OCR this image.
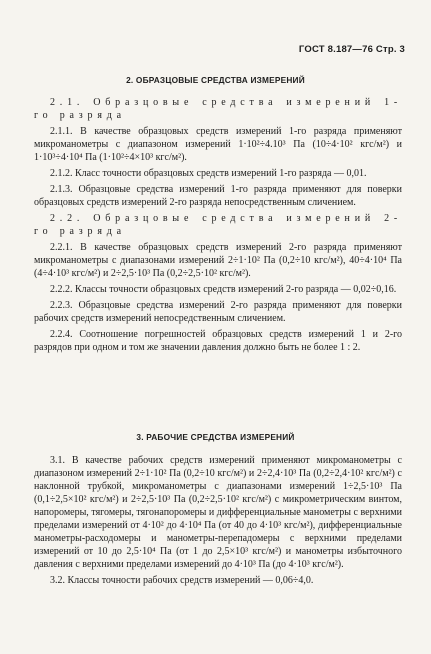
ГОСТ 8.187—76 Стр. 3
2. ОБРАЗЦОВЫЕ СРЕДСТВА ИЗМЕРЕНИЙ

2.1. Образцовые средства измерений 1-го разряда

2.1.1. В качестве образцовых средств измерений 1-го разряда применяют микроманометры с диапазоном измерений 1·10²÷4.10³ Па (10÷4·10² кгс/м²) и 1·10³÷4·10⁴ Па (1·10²÷4×10³ кгс/м²).

2.1.2. Класс точности образцовых средств измерений 1-го разряда — 0,01.

2.1.3. Образцовые средства измерений 1-го разряда применяют для поверки образцовых средств измерений 2-го разряда непосредственным сличением.

2.2. Образцовые средства измерений 2-го разряда

2.2.1. В качестве образцовых средств измерений 2-го разряда применяют микроманометры с диапазонами измерений 2÷1·10² Па (0,2÷10 кгс/м²), 40÷4·10⁴ Па (4÷4·10³ кгс/м²) и 2÷2,5·10³ Па (0,2÷2,5·10² кгс/м²).

2.2.2. Классы точности образцовых средств измерений 2-го разряда — 0,02÷0,16.

2.2.3. Образцовые средства измерений 2-го разряда применяют для поверки рабочих средств измерений непосредственным сличением.

2.2.4. Соотношение погрешностей образцовых средств измерений 1 и 2-го разрядов при одном и том же значении давления должно быть не более 1 : 2.

3. РАБОЧИЕ СРЕДСТВА ИЗМЕРЕНИЙ

3.1. В качестве рабочих средств измерений применяют микроманометры с диапазоном измерений 2÷1·10² Па (0,2÷10 кгс/м²) и 2÷2,4·10³ Па (0,2÷2,4·10² кгс/м²) с наклонной трубкой, микроманометры с диапазонами измерений 1÷2,5·10³ Па (0,1÷2,5×10² кгс/м²) и 2÷2,5·10³ Па (0,2÷2,5·10² кгс/м²) с микрометрическим винтом, напоромеры, тягомеры, тягонапоромеры и дифференциальные манометры с верхними пределами измерений от 4·10² до 4·10⁴ Па (от 40 до 4·10³ кгс/м²), дифференциальные манометры-расходомеры и манометры-перепадомеры с верхними пределами измерений от 10 до 2,5·10⁴ Па (от 1 до 2,5×10³ кгс/м²) и манометры избыточного давления с верхними пределами измерений до 4·10³ Па (до 4·10³ кгс/м²).

3.2. Классы точности рабочих средств измерений — 0,06÷4,0.
